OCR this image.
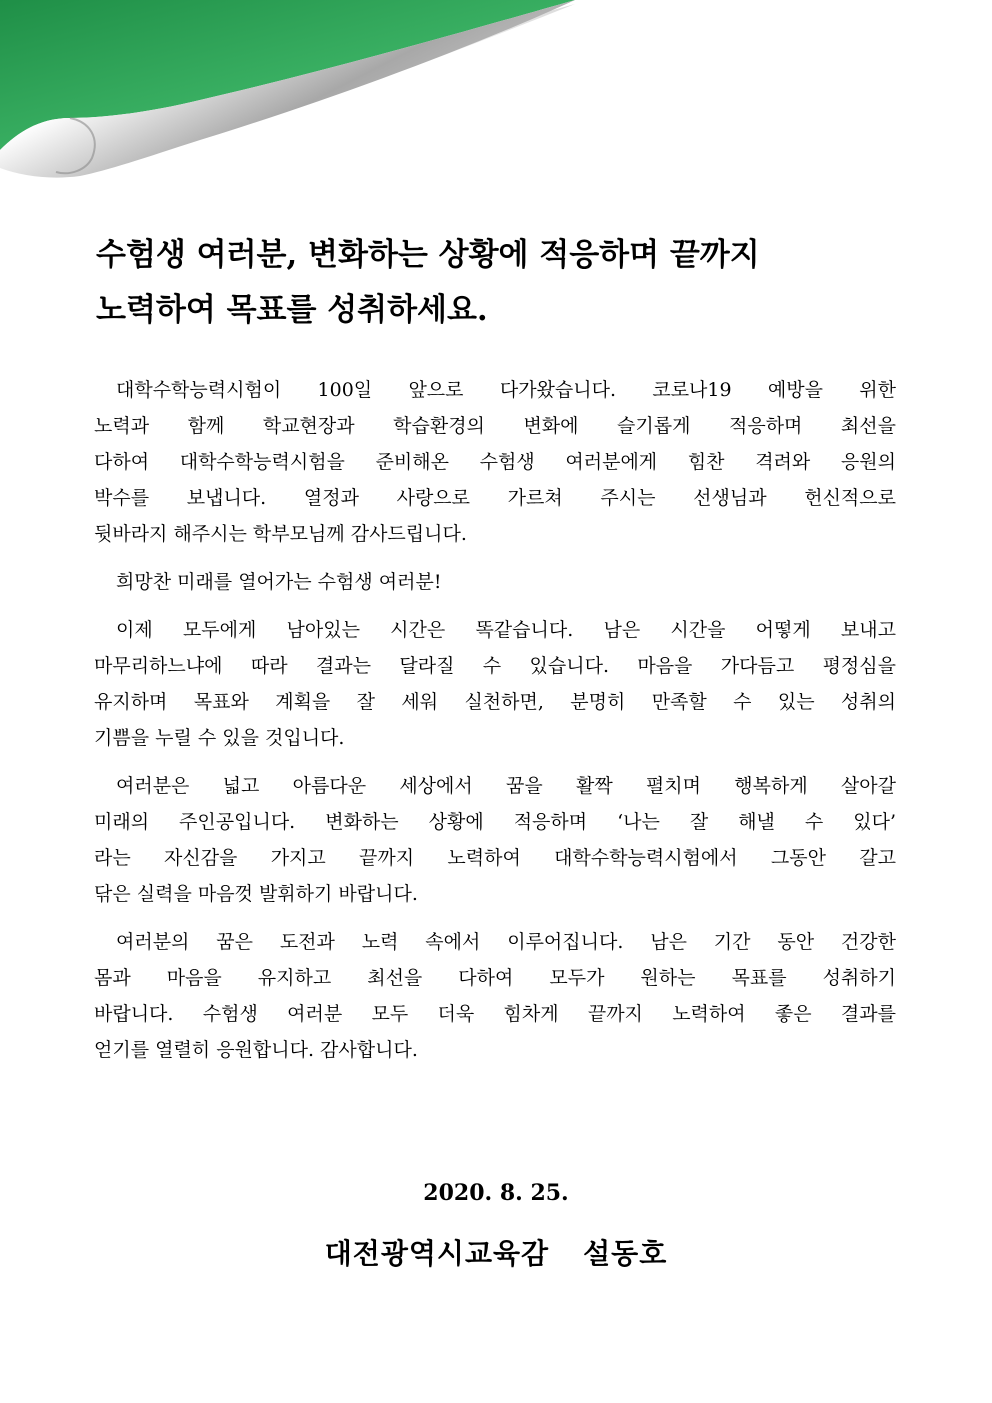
수험생 여러분, 변화하는 상황에 적응하며 끝까지
노력하여 목표를 성취하세요.

대학수학능력시험이 100일 앞으로 다가왔습니다. 코로나19 예방을 위한
노력과 함께 학교현장과 학습환경의 변화에 슬기롭게 적응하며 최선을
다하여 대학수학능력시험을 준비해온 수험생 여러분에게 힘찬 격려와 응원의
박수를 보냅니다. 열정과 사랑으로 가르쳐 주시는 선생님과 헌신적으로
뒷바라지 해주시는 학부모님께 감사드립니다.

희망찬 미래를 열어가는 수험생 여러분!

이제 모두에게 남아있는 시간은 똑같습니다. 남은 시간을 어떻게 보내고
마무리하느냐에 따라 결과는 달라질 수 있습니다. 마음을 가다듬고 평정심을
유지하며 목표와 계획을 잘 세워 실천하면, 분명히 만족할 수 있는 성취의
기쁨을 누릴 수 있을 것입니다.

여러분은 넓고 아름다운 세상에서 꿈을 활짝 펼치며 행복하게 살아갈
미래의 주인공입니다. 변화하는 상황에 적응하며 ‘나는 잘 해낼 수 있다’
라는 자신감을 가지고 끝까지 노력하여 대학수학능력시험에서 그동안 갈고
닦은 실력을 마음껏 발휘하기 바랍니다.

여러분의 꿈은 도전과 노력 속에서 이루어집니다. 남은 기간 동안 건강한
몸과 마음을 유지하고 최선을 다하여 모두가 원하는 목표를 성취하기
바랍니다. 수험생 여러분 모두 더욱 힘차게 끝까지 노력하여 좋은 결과를
얻기를 열렬히 응원합니다. 감사합니다.

2020. 8. 25.
대전광역시교육감 설동호
